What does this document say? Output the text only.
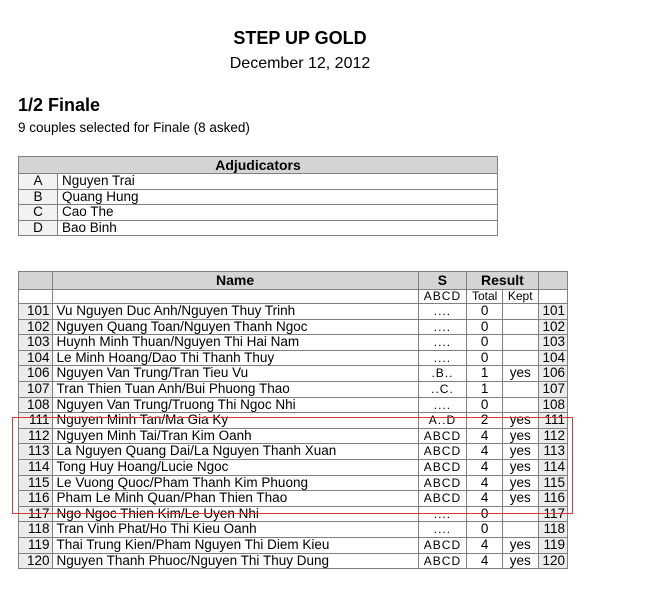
STEP UP GOLD
December 12, 2012
1/2 Finale
9 couples selected for Finale (8 asked)
Adjudicators	
A	Nguyen Trai
B	Quang Hung
C	Cao The
D	Bao Binh
	Name	S	Result		
		ABCD	Total	Kept	
101	Vu Nguyen Duc Anh/Nguyen Thuy Trinh	....	0		101
102	Nguyen Quang Toan/Nguyen Thanh Ngoc	....	0		102
103	Huynh Minh Thuan/Nguyen Thi Hai Nam	....	0		103
104	Le Minh Hoang/Dao Thi Thanh Thuy	....	0		104
106	Nguyen Van Trung/Tran Tieu Vu	.B..	1	yes	106
107	Tran Thien Tuan Anh/Bui Phuong Thao	..C.	1		107
108	Nguyen Van Trung/Truong Thi Ngoc Nhi	....	0		108
111	Nguyen Minh Tan/Ma Gia Ky	A..D	2	yes	111
112	Nguyen Minh Tai/Tran Kim Oanh	ABCD	4	yes	112
113	La Nguyen Quang Dai/La Nguyen Thanh Xuan	ABCD	4	yes	113
114	Tong Huy Hoang/Lucie Ngoc	ABCD	4	yes	114
115	Le Vuong Quoc/Pham Thanh Kim Phuong	ABCD	4	yes	115
116	Pham Le Minh Quan/Phan Thien Thao	ABCD	4	yes	116
117	Ngo Ngoc Thien Kim/Le Uyen Nhi	....	0		117
118	Tran Vinh Phat/Ho Thi Kieu Oanh	....	0		118
119	Thai Trung Kien/Pham Nguyen Thi Diem Kieu	ABCD	4	yes	119
120	Nguyen Thanh Phuoc/Nguyen Thi Thuy Dung	ABCD	4	yes	120
